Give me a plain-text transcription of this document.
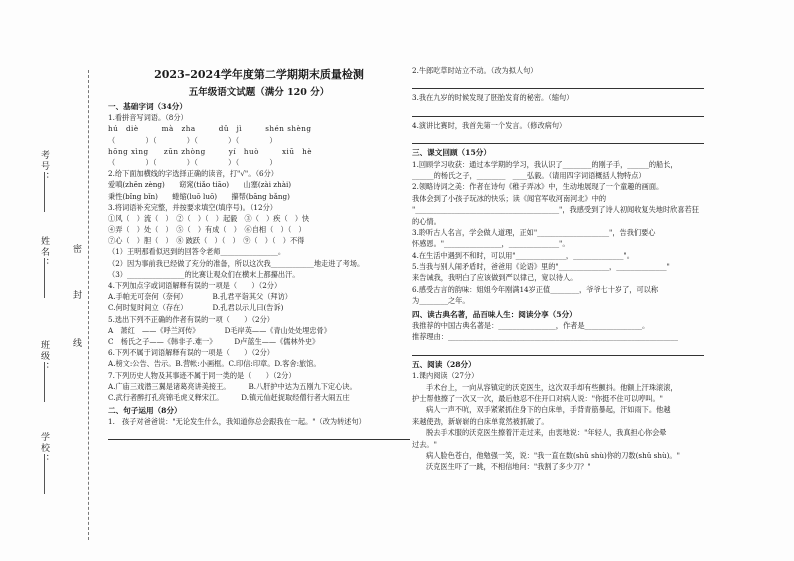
考号：
姓名： 密
封
线
班级：
学校：
2023–2024学年度第二学期期末质量检测
五年级语文试题（满分 120 分）
一、基础字词（34分）
1.看拼音写词语。（8分）
hú　diè　　　mà　zha　　　dǔ　jì　　　shén shèng
（　　　　）（　　　　）（　　　　）（　　　　）
hōng xìng　　zūn zhòng　　　yí　huò　　　xiū　hè
（　　　　）（　　　　）（　　　　）（　　　　）
2.给下面加横线的字选择正确的读音，打"√"。（6分）
爱嗔(zhēn zèng)　　窈窕(tiǎo tiāo)　　山塞(zài zhài)
秉性(bǐng bǐn)　　蜷缩(luō luō)　　攥帮(bāng bǎng)
3.将词语补充完整，并按要求填空(填序号)。（12分）
①风（　）流（　）　②（　）（　）起毅　③（　）疾（　）快
④弄（　）处（　）　⑤（　）有成（　）　⑥自相（　）（　）
⑦心（　）胆（　）　⑧ 跛跃（　）（　）　⑨（　）（　）不得
（1）王明那看似迟到的回答令老师________________。
（2）因为事前我已经做了充分的准备，所以这次我____________地走进了考场。
（3）________________的比赛让观众们在横末上都攥出汗。
4.下列加点字或词语解释有误的一项是（　　）（2分）
A.手帕无可奈何（奈何）　　　　B.孔君平诣其父（拜访）
C.何时复时间立（存在）　　　　D.孔君以示儿曰(告诉)
5.选出下列不正确的作者有误的一项（　　）（2分）
A　萧红　——《呼兰河传》　　　　D毛岸英——《青山处处埋忠骨》
C　杨氏之子——《韩非子.难一》　　　D卢蓝生——《儒林外史》
6.下列不属于词语解释有误的一项是（　　）（2分）
A.榜文:公告、告示。B.营帐:小画框。C.印信:印章。D.客舍:旅馆。
7.下列历史人物及其事迹不属于同一类的是（　　）（2分）
A.广庙三戏潜三翼是诸葛亮讲美接王。　　　B.八肝护中达为五刚九下定心诀。
C.武行者醉打孔亮锦毛虎义释宋江。　　　D.镇元仙赶捉取经僧行者大闹五庄
二、句子运用（8分）
1.　孩子对爸爸说："无论发生什么，我知道你总会跟我在一起。"（改为转述句）
2.牛郎吃草时站立不动。（改为拟人句）
3.我在九岁的时候发现了胚胎发育的秘密。（缩句）
4.演讲比赛时，我首先第一个发言。（修改病句）
三、课文回顾（15分）
1.回顾学习收获：通过本学期的学习，我认识了________的刚子手，______的船长，
______的杨氏之子，________　____弘毅。（请用四字词语概括人物特点）
2.领略诗词之美：作者在诗句《稚子弄冰》中，生动地展现了一个童趣的画面。
我体会到了小孩子玩冰的快乐；读《闻官军收河南河北》中的
"________________________________________"，我感受到了诗人初闻收复失地时欣喜若狂
的心情。
3.聆听古人名言，学会做人道理，正如"____________________"，告我们要心
怀感恩。"________________，______________"。
4.在生活中遇到不和时，可以用"______________，______________"。
5.当我与别人闹矛盾时，爸爸用《论语》里的"______________，______________"
来告诫我，我明白了应该做到严以律己，宽以待人。
6.感受古言的韵味：姐姐今年刚满14岁正值________，爷爷七十岁了，可以称
为________之年。
四、读古典名著，品百味人生：阅读分享（5分）
我推荐的中国古典名著是：________________，作者是________________。
推荐理由：________________________________________________________________
五、阅读（28分）
1.课内阅读（27分）
手术台上，一向从容镇定的沃克医生，这次双手却有些颤抖。他额上汗珠滚滚，
护士帮他擦了一次又一次，最后他忍不住开口对病人说："你挺不住可以哼叫。"
病人一声不吭，双手紧紧抓住身下的白床单，手背青筋暴起，汗如雨下。他越
来越使劲，新崭崭的白床单竟然被抓破了。
脱去手术服的沃克医生擦着汗走过来，由衷地说："年轻人，我真担心你会晕
过去。"
病人脸色苍白，他勉强一笑，说："我一直在数(shǔ shù)你的刀数(shǔ shù)。"
沃克医生吓了一跳，不相信地问："我割了多少刀？"
